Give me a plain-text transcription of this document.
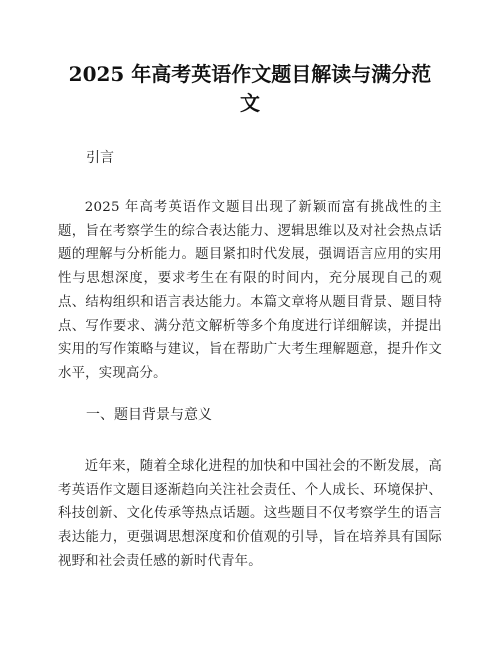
2025 年高考英语作文题目解读与满分范文
引言
2025 年高考英语作文题目出现了新颖而富有挑战性的主题，旨在考察学生的综合表达能力、逻辑思维以及对社会热点话题的理解与分析能力。题目紧扣时代发展，强调语言应用的实用性与思想深度，要求考生在有限的时间内，充分展现自己的观点、结构组织和语言表达能力。本篇文章将从题目背景、题目特点、写作要求、满分范文解析等多个角度进行详细解读，并提出实用的写作策略与建议，旨在帮助广大考生理解题意，提升作文水平，实现高分。
一、题目背景与意义
近年来，随着全球化进程的加快和中国社会的不断发展，高考英语作文题目逐渐趋向关注社会责任、个人成长、环境保护、科技创新、文化传承等热点话题。这些题目不仅考察学生的语言表达能力，更强调思想深度和价值观的引导，旨在培养具有国际视野和社会责任感的新时代青年。
